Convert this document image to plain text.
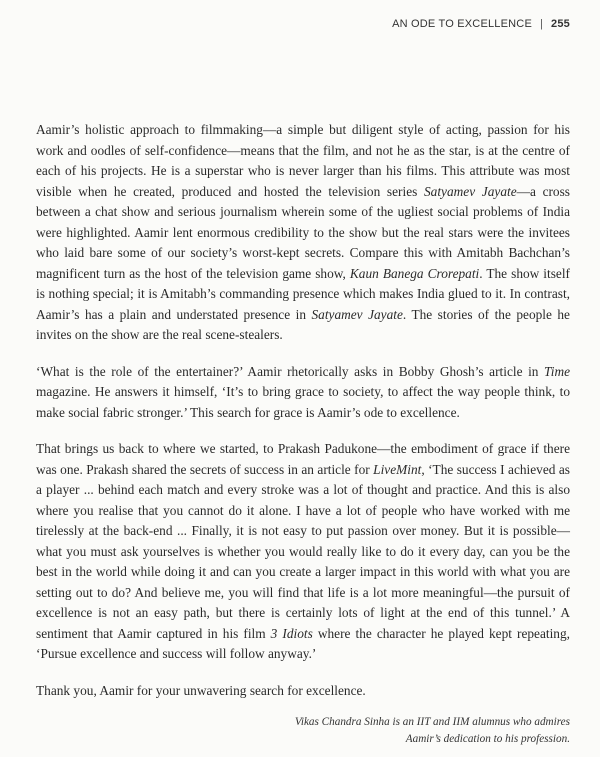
AN ODE TO EXCELLENCE | 255

Aamir’s holistic approach to filmmaking—a simple but diligent style of acting, passion for his work and oodles of self-confidence—means that the film, and not he as the star, is at the centre of each of his projects. He is a superstar who is never larger than his films. This attribute was most visible when he created, produced and hosted the television series Satyamev Jayate—a cross between a chat show and serious journalism wherein some of the ugliest social problems of India were highlighted. Aamir lent enormous credibility to the show but the real stars were the invitees who laid bare some of our society’s worst-kept secrets. Compare this with Amitabh Bachchan’s magnificent turn as the host of the television game show, Kaun Banega Crorepati. The show itself is nothing special; it is Amitabh’s commanding presence which makes India glued to it. In contrast, Aamir’s has a plain and understated presence in Satyamev Jayate. The stories of the people he invites on the show are the real scene-stealers.

‘What is the role of the entertainer?’ Aamir rhetorically asks in Bobby Ghosh’s article in Time magazine. He answers it himself, ‘It’s to bring grace to society, to affect the way people think, to make social fabric stronger.’ This search for grace is Aamir’s ode to excellence.

That brings us back to where we started, to Prakash Padukone—the embodiment of grace if there was one. Prakash shared the secrets of success in an article for LiveMint, ‘The success I achieved as a player ... behind each match and every stroke was a lot of thought and practice. And this is also where you realise that you cannot do it alone. I have a lot of people who have worked with me tirelessly at the back-end ... Finally, it is not easy to put passion over money. But it is possible—what you must ask yourselves is whether you would really like to do it every day, can you be the best in the world while doing it and can you create a larger impact in this world with what you are setting out to do? And believe me, you will find that life is a lot more meaningful—the pursuit of excellence is not an easy path, but there is certainly lots of light at the end of this tunnel.’ A sentiment that Aamir captured in his film 3 Idiots where the character he played kept repeating, ‘Pursue excellence and success will follow anyway.’

Thank you, Aamir for your unwavering search for excellence.

Vikas Chandra Sinha is an IIT and IIM alumnus who admires
Aamir’s dedication to his profession.
